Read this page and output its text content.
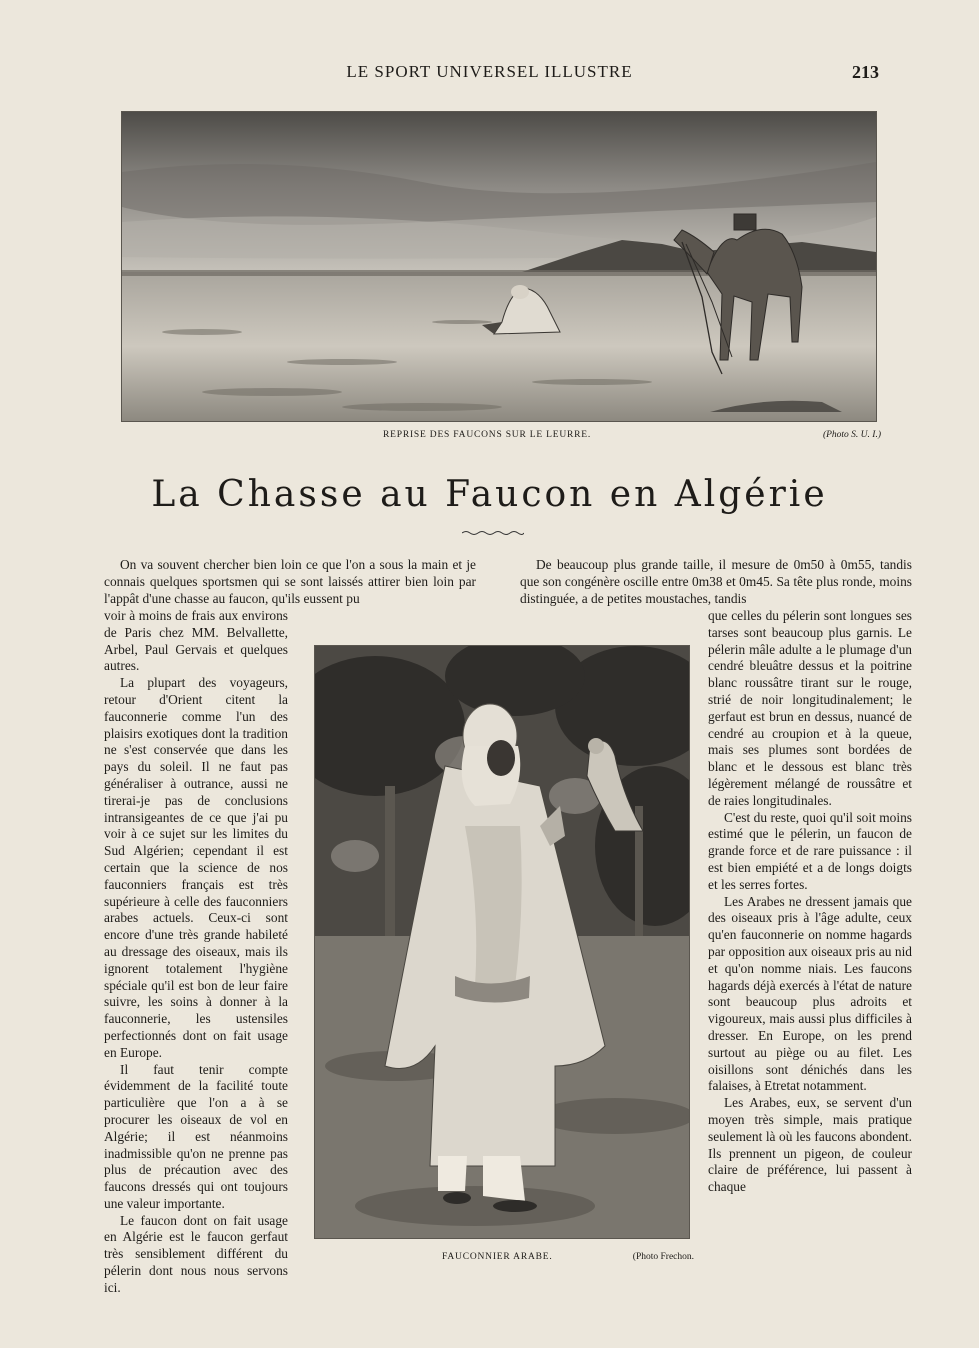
LE SPORT UNIVERSEL ILLUSTRE	213
REPRISE DES FAUCONS SUR LE LEURRE.	(Photo S. U. I.)
La Chasse au Faucon en Algérie

On va souvent chercher bien loin ce que l'on a sous la main et je connais quelques sportsmen qui se sont laissés attirer bien loin par l'appât d'une chasse au faucon, qu'ils eussent pu

De beaucoup plus grande taille, il mesure de 0m50 à 0m55, tandis que son congénère oscille entre 0m38 et 0m45. Sa tête plus ronde, moins distinguée, a de petites moustaches, tandis

voir à moins de frais aux environs de Paris chez MM. Belvallette, Arbel, Paul Gervais et quelques autres.

La plupart des voyageurs, retour d'Orient citent la fauconnerie comme l'un des plaisirs exotiques dont la tradition ne s'est conservée que dans les pays du soleil. Il ne faut pas généraliser à outrance, aussi ne tirerai-je pas de conclusions intransigeantes de ce que j'ai pu voir à ce sujet sur les limites du Sud Algérien; cependant il est certain que la science de nos fauconniers français est très supérieure à celle des fauconniers arabes actuels. Ceux-ci sont encore d'une très grande habileté au dressage des oiseaux, mais ils ignorent totalement l'hygiène spéciale qu'il est bon de leur faire suivre, les soins à donner à la fauconnerie, les ustensiles perfectionnés dont on fait usage en Europe.

Il faut tenir compte évidemment de la facilité toute particulière que l'on a à se procurer les oiseaux de vol en Algérie; il est néanmoins inadmissible qu'on ne prenne pas plus de précaution avec des faucons dressés qui ont toujours une valeur importante.

Le faucon dont on fait usage en Algérie est le faucon gerfaut très sensiblement différent du pélerin dont nous nous servons ici.

FAUCONNIER ARABE.	(Photo Frechon.

que celles du pélerin sont longues ses tarses sont beaucoup plus garnis. Le pélerin mâle adulte a le plumage d'un cendré bleuâtre dessus et la poitrine blanc roussâtre tirant sur le rouge, strié de noir longitudinalement; le gerfaut est brun en dessus, nuancé de cendré au croupion et à la queue, mais ses plumes sont bordées de blanc et le dessous est blanc très légèrement mélangé de roussâtre et de raies longitudinales.

C'est du reste, quoi qu'il soit moins estimé que le pélerin, un faucon de grande force et de rare puissance : il est bien empiété et a de longs doigts et les serres fortes.

Les Arabes ne dressent jamais que des oiseaux pris à l'âge adulte, ceux qu'en fauconnerie on nomme hagards par opposition aux oiseaux pris au nid et qu'on nomme niais. Les faucons hagards déjà exercés à l'état de nature sont beaucoup plus adroits et vigoureux, mais aussi plus difficiles à dresser. En Europe, on les prend surtout au piège ou au filet. Les oisillons sont dénichés dans les falaises, à Etretat notamment.

Les Arabes, eux, se servent d'un moyen très simple, mais pratique seulement là où les faucons abondent. Ils prennent un pigeon, de couleur claire de préférence, lui passent à chaque
